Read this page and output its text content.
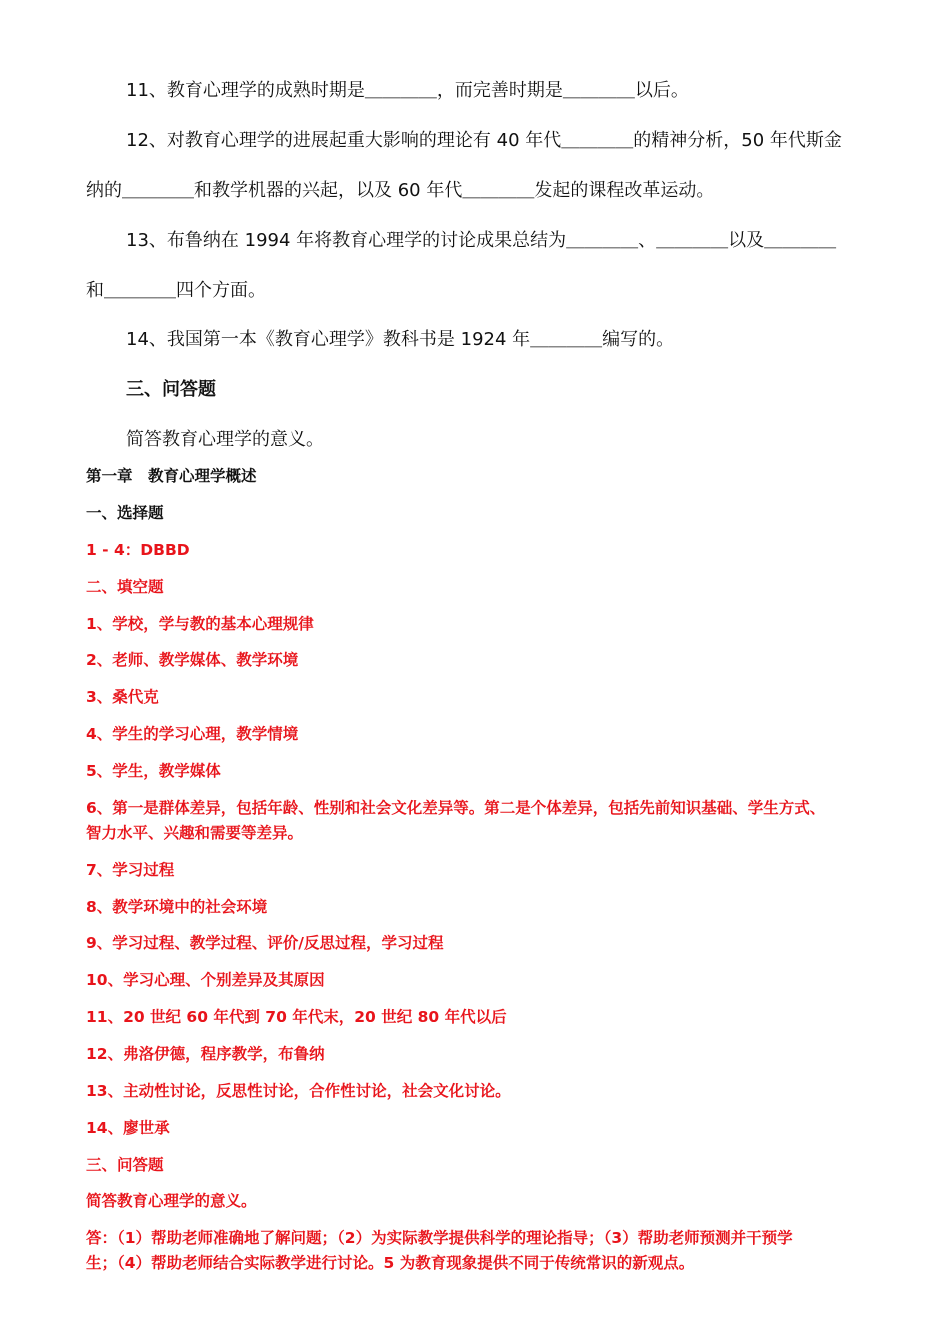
11、教育心理学的成熟时期是＿＿＿＿，而完善时期是＿＿＿＿以后。

12、对教育心理学的进展起重大影响的理论有 40 年代＿＿＿＿的精神分析，50 年代斯金

纳的＿＿＿＿和教学机器的兴起，以及 60 年代＿＿＿＿发起的课程改革运动。

13、布鲁纳在 1994 年将教育心理学的讨论成果总结为＿＿＿＿、＿＿＿＿以及＿＿＿＿

和＿＿＿＿四个方面。

14、我国第一本《教育心理学》教科书是 1924 年＿＿＿＿编写的。

三、问答题

简答教育心理学的意义。

第一章　教育心理学概述

一、选择题

1 - 4：DBBD

二、填空题

1、学校，学与教的基本心理规律

2、老师、教学媒体、教学环境

3、桑代克

4、学生的学习心理，教学情境

5、学生，教学媒体

6、第一是群体差异，包括年龄、性别和社会文化差异等。第二是个体差异，包括先前知识基础、学生方式、

智力水平、兴趣和需要等差异。

7、学习过程

8、教学环境中的社会环境

9、学习过程、教学过程、评价/反思过程，学习过程

10、学习心理、个别差异及其原因

11、20 世纪 60 年代到 70 年代末，20 世纪 80 年代以后

12、弗洛伊德，程序教学，布鲁纳

13、主动性讨论，反思性讨论，合作性讨论，社会文化讨论。

14、廖世承

三、问答题

简答教育心理学的意义。

答：（1）帮助老师准确地了解问题；（2）为实际教学提供科学的理论指导；（3）帮助老师预测并干预学

生；（4）帮助老师结合实际教学进行讨论。5 为教育现象提供不同于传统常识的新观点。
